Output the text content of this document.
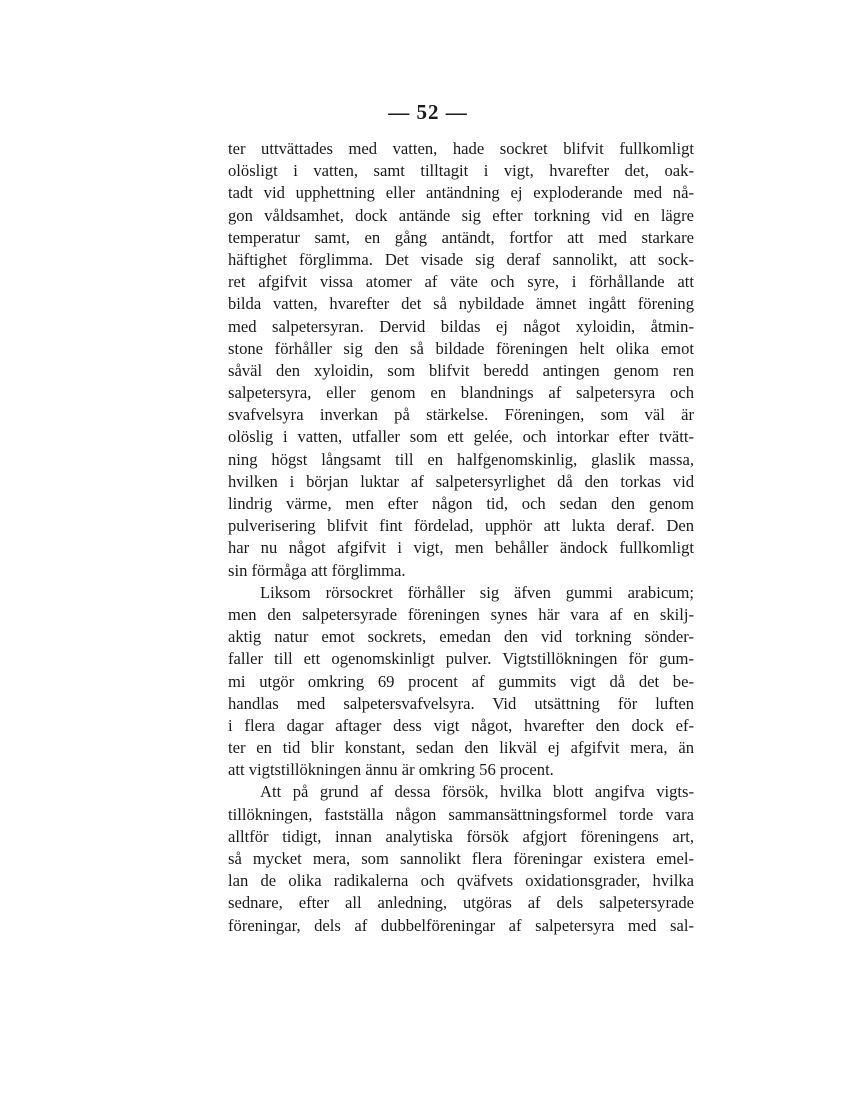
— 52 —
ter uttvättades med vatten, hade sockret blifvit fullkomligt
olösligt i vatten, samt tilltagit i vigt, hvarefter det, oak-
tadt vid upphettning eller antändning ej exploderande med nå-
gon våldsamhet, dock antände sig efter torkning vid en lägre
temperatur samt, en gång antändt, fortfor att med starkare
häftighet förglimma. Det visade sig deraf sannolikt, att sock-
ret afgifvit vissa atomer af väte och syre, i förhållande att
bilda vatten, hvarefter det så nybildade ämnet ingått förening
med salpetersyran. Dervid bildas ej något xyloidin, åtmin-
stone förhåller sig den så bildade föreningen helt olika emot
såväl den xyloidin, som blifvit beredd antingen genom ren
salpetersyra, eller genom en blandnings af salpetersyra och
svafvelsyra inverkan på stärkelse. Föreningen, som väl är
olöslig i vatten, utfaller som ett gelée, och intorkar efter tvätt-
ning högst långsamt till en halfgenomskinlig, glaslik massa,
hvilken i början luktar af salpetersyrlighet då den torkas vid
lindrig värme, men efter någon tid, och sedan den genom
pulverisering blifvit fint fördelad, upphör att lukta deraf. Den
har nu något afgifvit i vigt, men behåller ändock fullkomligt
sin förmåga att förglimma.
Liksom rörsockret förhåller sig äfven gummi arabicum;
men den salpetersyrade föreningen synes här vara af en skilj-
aktig natur emot sockrets, emedan den vid torkning sönder-
faller till ett ogenomskinligt pulver. Vigtstillökningen för gum-
mi utgör omkring 69 procent af gummits vigt då det be-
handlas med salpetersvafvelsyra. Vid utsättning för luften
i flera dagar aftager dess vigt något, hvarefter den dock ef-
ter en tid blir konstant, sedan den likväl ej afgifvit mera, än
att vigtstillökningen ännu är omkring 56 procent.
Att på grund af dessa försök, hvilka blott angifva vigts-
tillökningen, fastställa någon sammansättningsformel torde vara
alltför tidigt, innan analytiska försök afgjort föreningens art,
så mycket mera, som sannolikt flera föreningar existera emel-
lan de olika radikalerna och qväfvets oxidationsgrader, hvilka
sednare, efter all anledning, utgöras af dels salpetersyrade
föreningar, dels af dubbelföreningar af salpetersyra med sal-
